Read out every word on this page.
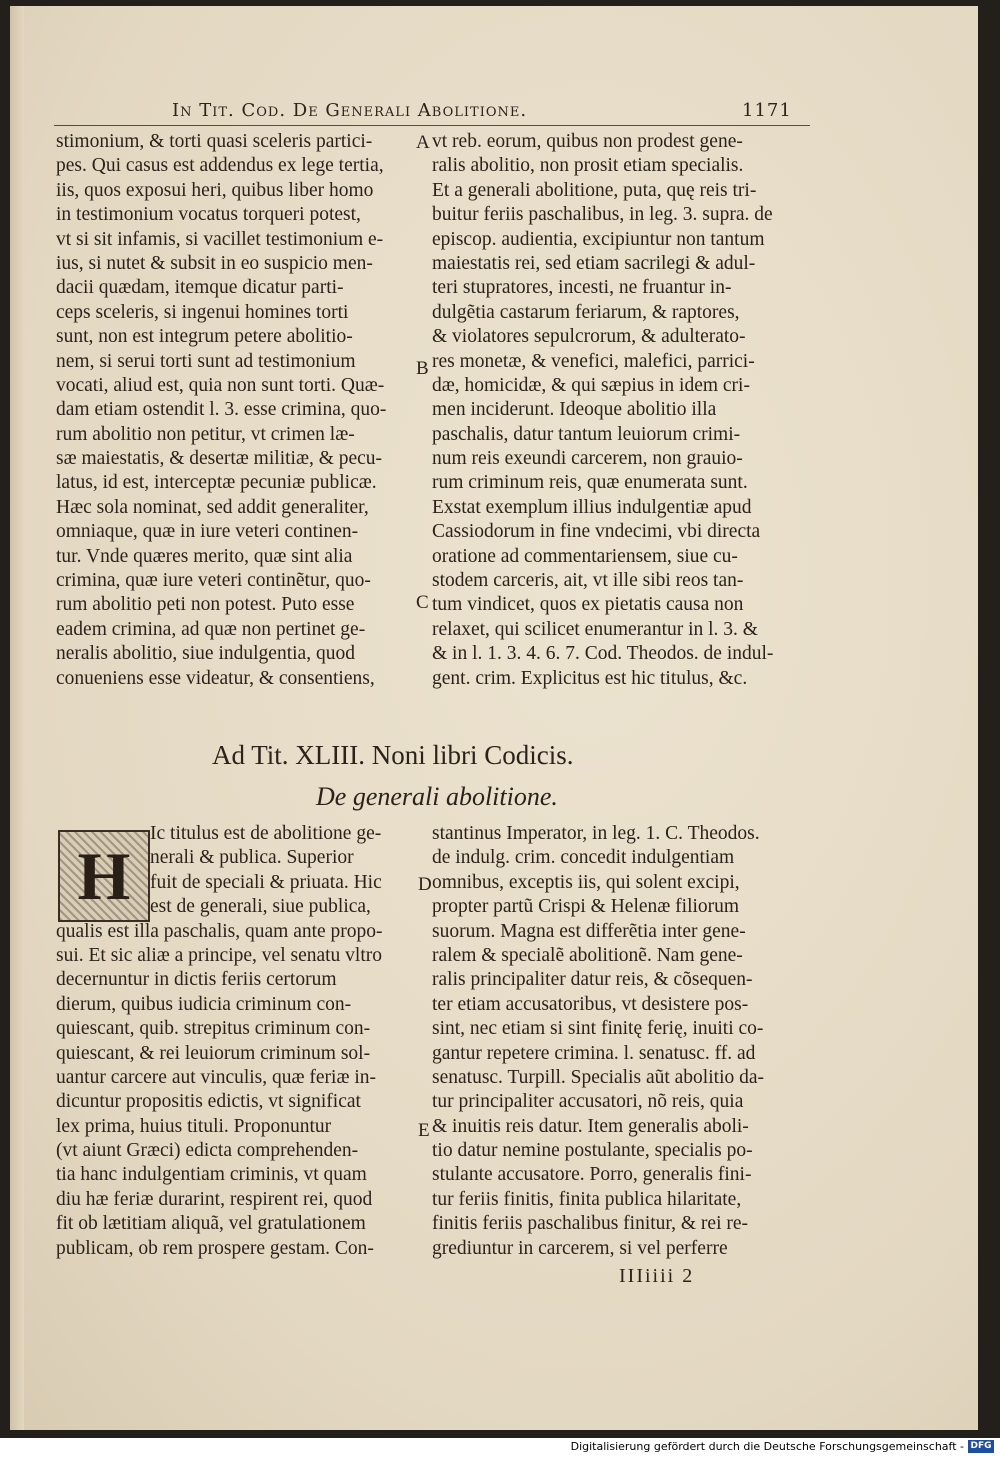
In Tit. Cod. De Generali Abolitione.	1171
stimonium, & torti quasi sceleris partici-
pes. Qui casus est addendus ex lege tertia,
iis, quos exposui heri, quibus liber homo
in testimonium vocatus torqueri potest,
vt si sit infamis, si vacillet testimonium e-
ius, si nutet & subsit in eo suspicio men-
dacii quædam, itemque dicatur parti-
ceps sceleris, si ingenui homines torti
sunt, non est integrum petere abolitio-
nem, si serui torti sunt ad testimonium
vocati, aliud est, quia non sunt torti. Quæ-
dam etiam ostendit l. 3. esse crimina, quo-
rum abolitio non petitur, vt crimen læ-
sæ maiestatis, & desertæ militiæ, & pecu-
latus, id est, interceptæ pecuniæ publicæ.
Hæc sola nominat, sed addit generaliter,
omniaque, quæ in iure veteri continen-
tur. Vnde quæres merito, quæ sint alia
crimina, quæ iure veteri continẽtur, quo-
rum abolitio peti non potest. Puto esse
eadem crimina, ad quæ non pertinet ge-
neralis abolitio, siue indulgentia, quod
conueniens esse videatur, & consentiens,
vt reb. eorum, quibus non prodest gene-
ralis abolitio, non prosit etiam specialis.
Et a generali abolitione, puta, quę reis tri-
buitur feriis paschalibus, in leg. 3. supra. de
episcop. audientia, excipiuntur non tantum
maiestatis rei, sed etiam sacrilegi & adul-
teri stupratores, incesti, ne fruantur in-
dulgẽtia castarum feriarum, & raptores,
& violatores sepulcrorum, & adulterato-
res monetæ, & venefici, malefici, parrici-
dæ, homicidæ, & qui sæpius in idem cri-
men inciderunt. Ideoque abolitio illa
paschalis, datur tantum leuiorum crimi-
num reis exeundi carcerem, non grauio-
rum criminum reis, quæ enumerata sunt.
Exstat exemplum illius indulgentiæ apud
Cassiodorum in fine vndecimi, vbi directa
oratione ad commentariensem, siue cu-
stodem carceris, ait, vt ille sibi reos tan-
tum vindicet, quos ex pietatis causa non
relaxet, qui scilicet enumerantur in l. 3. &
& in l. 1. 3. 4. 6. 7. Cod. Theodos. de indul-
gent. crim. Explicitus est hic titulus, &c.
A
B
C
D
E
Ad Tit. XLIII. Noni libri Codicis.
De generali abolitione.
H
Ic titulus est de abolitione ge-
nerali & publica. Superior
fuit de speciali & priuata. Hic
est de generali, siue publica,
qualis est illa paschalis, quam ante propo-
sui. Et sic aliæ a principe, vel senatu vltro
decernuntur in dictis feriis certorum
dierum, quibus iudicia criminum con-
quiescant, quib. strepitus criminum con-
quiescant, & rei leuiorum criminum sol-
uantur carcere aut vinculis, quæ feriæ in-
dicuntur propositis edictis, vt significat
lex prima, huius tituli. Proponuntur
(vt aiunt Græci) edicta comprehenden-
tia hanc indulgentiam criminis, vt quam
diu hæ feriæ durarint, respirent rei, quod
fit ob lætitiam aliquã, vel gratulationem
publicam, ob rem prospere gestam. Con-
stantinus Imperator, in leg. 1. C. Theodos.
de indulg. crim. concedit indulgentiam
omnibus, exceptis iis, qui solent excipi,
propter partũ Crispi & Helenæ filiorum
suorum. Magna est differẽtia inter gene-
ralem & specialẽ abolitionẽ. Nam gene-
ralis principaliter datur reis, & cõsequen-
ter etiam accusatoribus, vt desistere pos-
sint, nec etiam si sint finitę ferię, inuiti co-
gantur repetere crimina. l. senatusc. ff. ad
senatusc. Turpill. Specialis aũt abolitio da-
tur principaliter accusatori, nõ reis, quia
& inuitis reis datur. Item generalis aboli-
tio datur nemine postulante, specialis po-
stulante accusatore. Porro, generalis fini-
tur feriis finitis, finita publica hilaritate,
finitis feriis paschalibus finitur, & rei re-
grediuntur in carcerem, si vel perferre
IIIiiii 2
Digitalisierung gefördert durch die Deutsche Forschungsgemeinschaft - DFG
